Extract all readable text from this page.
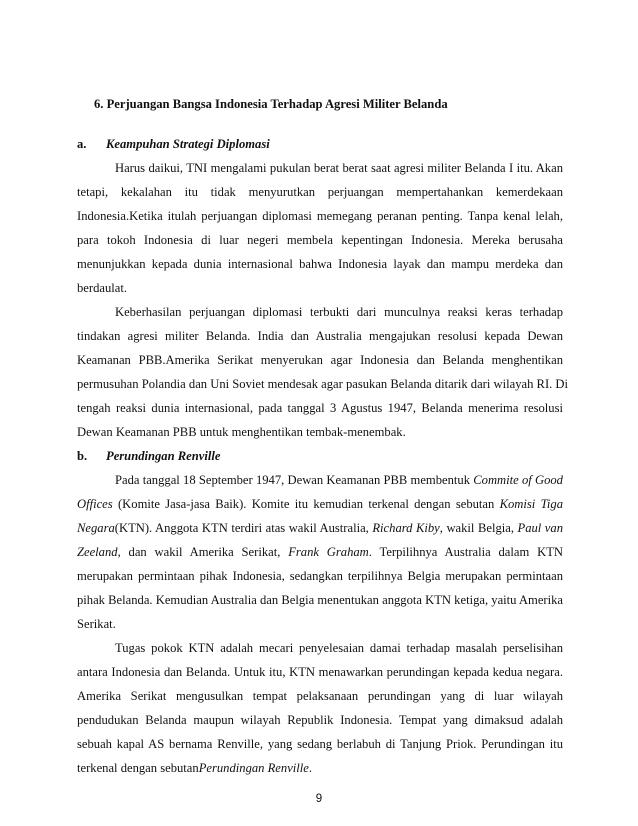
6. Perjuangan Bangsa Indonesia Terhadap Agresi Militer Belanda
a. Keampuhan Strategi Diplomasi
Harus daikui, TNI mengalami pukulan berat berat saat agresi militer Belanda I itu. Akan
tetapi, kekalahan itu tidak menyurutkan perjuangan mempertahankan kemerdekaan
Indonesia.Ketika itulah perjuangan diplomasi memegang peranan penting. Tanpa kenal lelah,
para tokoh Indonesia di luar negeri membela kepentingan Indonesia. Mereka berusaha
menunjukkan kepada dunia internasional bahwa Indonesia layak dan mampu merdeka dan
berdaulat.
Keberhasilan perjuangan diplomasi terbukti dari munculnya reaksi keras terhadap
tindakan agresi militer Belanda. India dan Australia mengajukan resolusi kepada Dewan
Keamanan PBB.Amerika Serikat menyerukan agar Indonesia dan Belanda menghentikan
permusuhan Polandia dan Uni Soviet mendesak agar pasukan Belanda ditarik dari wilayah RI. Di
tengah reaksi dunia internasional, pada tanggal 3 Agustus 1947, Belanda menerima resolusi
Dewan Keamanan PBB untuk menghentikan tembak-menembak.
b. Perundingan Renville
Pada tanggal 18 September 1947, Dewan Keamanan PBB membentuk Commite of Good
Offices (Komite Jasa-jasa Baik). Komite itu kemudian terkenal dengan sebutan Komisi Tiga
Negara(KTN). Anggota KTN terdiri atas wakil Australia, Richard Kiby, wakil Belgia, Paul van
Zeeland, dan wakil Amerika Serikat, Frank Graham. Terpilihnya Australia dalam KTN
merupakan permintaan pihak Indonesia, sedangkan terpilihnya Belgia merupakan permintaan
pihak Belanda. Kemudian Australia dan Belgia menentukan anggota KTN ketiga, yaitu Amerika
Serikat.
Tugas pokok KTN adalah mecari penyelesaian damai terhadap masalah perselisihan
antara Indonesia dan Belanda. Untuk itu, KTN menawarkan perundingan kepada kedua negara.
Amerika Serikat mengusulkan tempat pelaksanaan perundingan yang di luar wilayah
pendudukan Belanda maupun wilayah Republik Indonesia. Tempat yang dimaksud adalah
sebuah kapal AS bernama Renville, yang sedang berlabuh di Tanjung Priok. Perundingan itu
terkenal dengan sebutanPerundingan Renville.
9
